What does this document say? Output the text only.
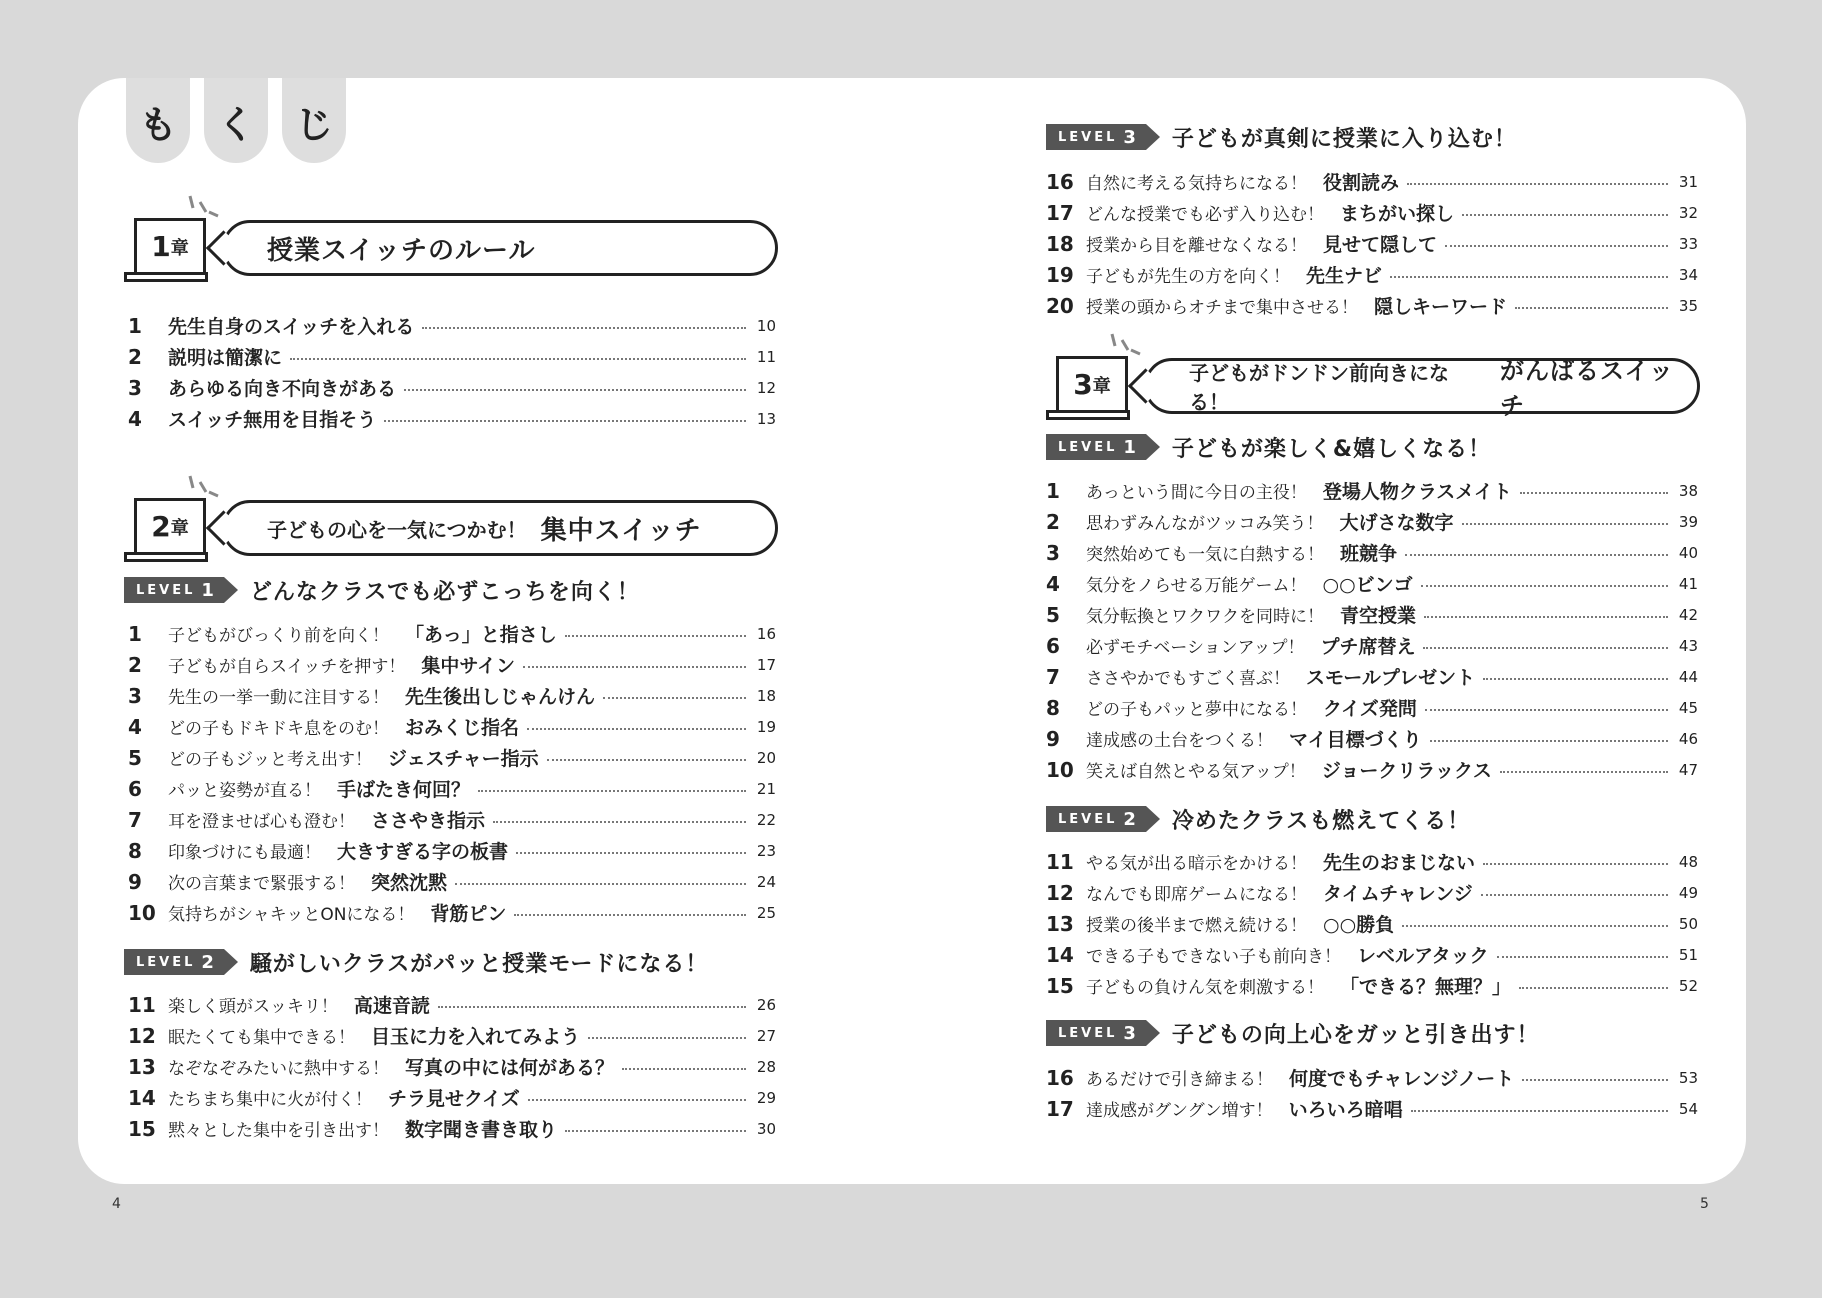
も く じ
1 章	授業スイッチのルール
1	先生自身のスイッチを入れる	10
2	説明は簡潔に	11
3	あらゆる向き不向きがある	12
4	スイッチ無用を目指そう	13
2 章	子どもの心を一気につかむ！ 集中スイッチ
LEVEL 1 どんなクラスでも必ずこっちを向く！
1	子どもがびっくり前を向く！ 「あっ」と指さし	16
2	子どもが自らスイッチを押す！ 集中サイン	17
3	先生の一挙一動に注目する！ 先生後出しじゃんけん	18
4	どの子もドキドキ息をのむ！ おみくじ指名	19
5	どの子もジッと考え出す！ ジェスチャー指示	20
6	パッと姿勢が直る！ 手ばたき何回？	21
7	耳を澄ませば心も澄む！ ささやき指示	22
8	印象づけにも最適！ 大きすぎる字の板書	23
9	次の言葉まで緊張する！ 突然沈黙	24
10 気持ちがシャキッとONになる！ 背筋ピン	25
LEVEL 2 騒がしいクラスがパッと授業モードになる！
11 楽しく頭がスッキリ！ 高速音読	26
12 眠たくても集中できる！ 目玉に力を入れてみよう	27
13 なぞなぞみたいに熱中する！ 写真の中には何がある？	28
14 たちまち集中に火が付く！ チラ見せクイズ	29
15 黙々とした集中を引き出す！ 数字聞き書き取り	30
4
LEVEL 3 子どもが真剣に授業に入り込む！
16 自然に考える気持ちになる！ 役割読み	31
17 どんな授業でも必ず入り込む！ まちがい探し	32
18 授業から目を離せなくなる！ 見せて隠して	33
19 子どもが先生の方を向く！ 先生ナビ	34
20 授業の頭からオチまで集中させる！ 隠しキーワード	35
3 章
子どもがドンドン前向きになる！
がんばるスイッチ
LEVEL 1 子どもが楽しく&嬉しくなる！
1	あっという間に今日の主役！ 登場人物クラスメイト	38
2	思わずみんながツッコみ笑う！ 大げさな数字	39
3	突然始めても一気に白熱する！ 班競争	40
4	気分をノらせる万能ゲーム！ ○○ビンゴ	41
5	気分転換とワクワクを同時に！ 青空授業	42
6	必ずモチベーションアップ！ プチ席替え	43
7	ささやかでもすごく喜ぶ！ スモールプレゼント	44
8	どの子もパッと夢中になる！ クイズ発問	45
9	達成感の土台をつくる！ マイ目標づくり	46
10 笑えば自然とやる気アップ！ ジョークリラックス	47
LEVEL 2 冷めたクラスも燃えてくる！
11 やる気が出る暗示をかける！ 先生のおまじない	48
12 なんでも即席ゲームになる！ タイムチャレンジ	49
13 授業の後半まで燃え続ける！ ○○勝負	50
14 できる子もできない子も前向き！ レベルアタック	51
15 子どもの負けん気を刺激する！ 「できる？無理？」	52
LEVEL 3 子どもの向上心をガッと引き出す！
16 あるだけで引き締まる！ 何度でもチャレンジノート	53
17 達成感がグングン増す！ いろいろ暗唱	54
5
